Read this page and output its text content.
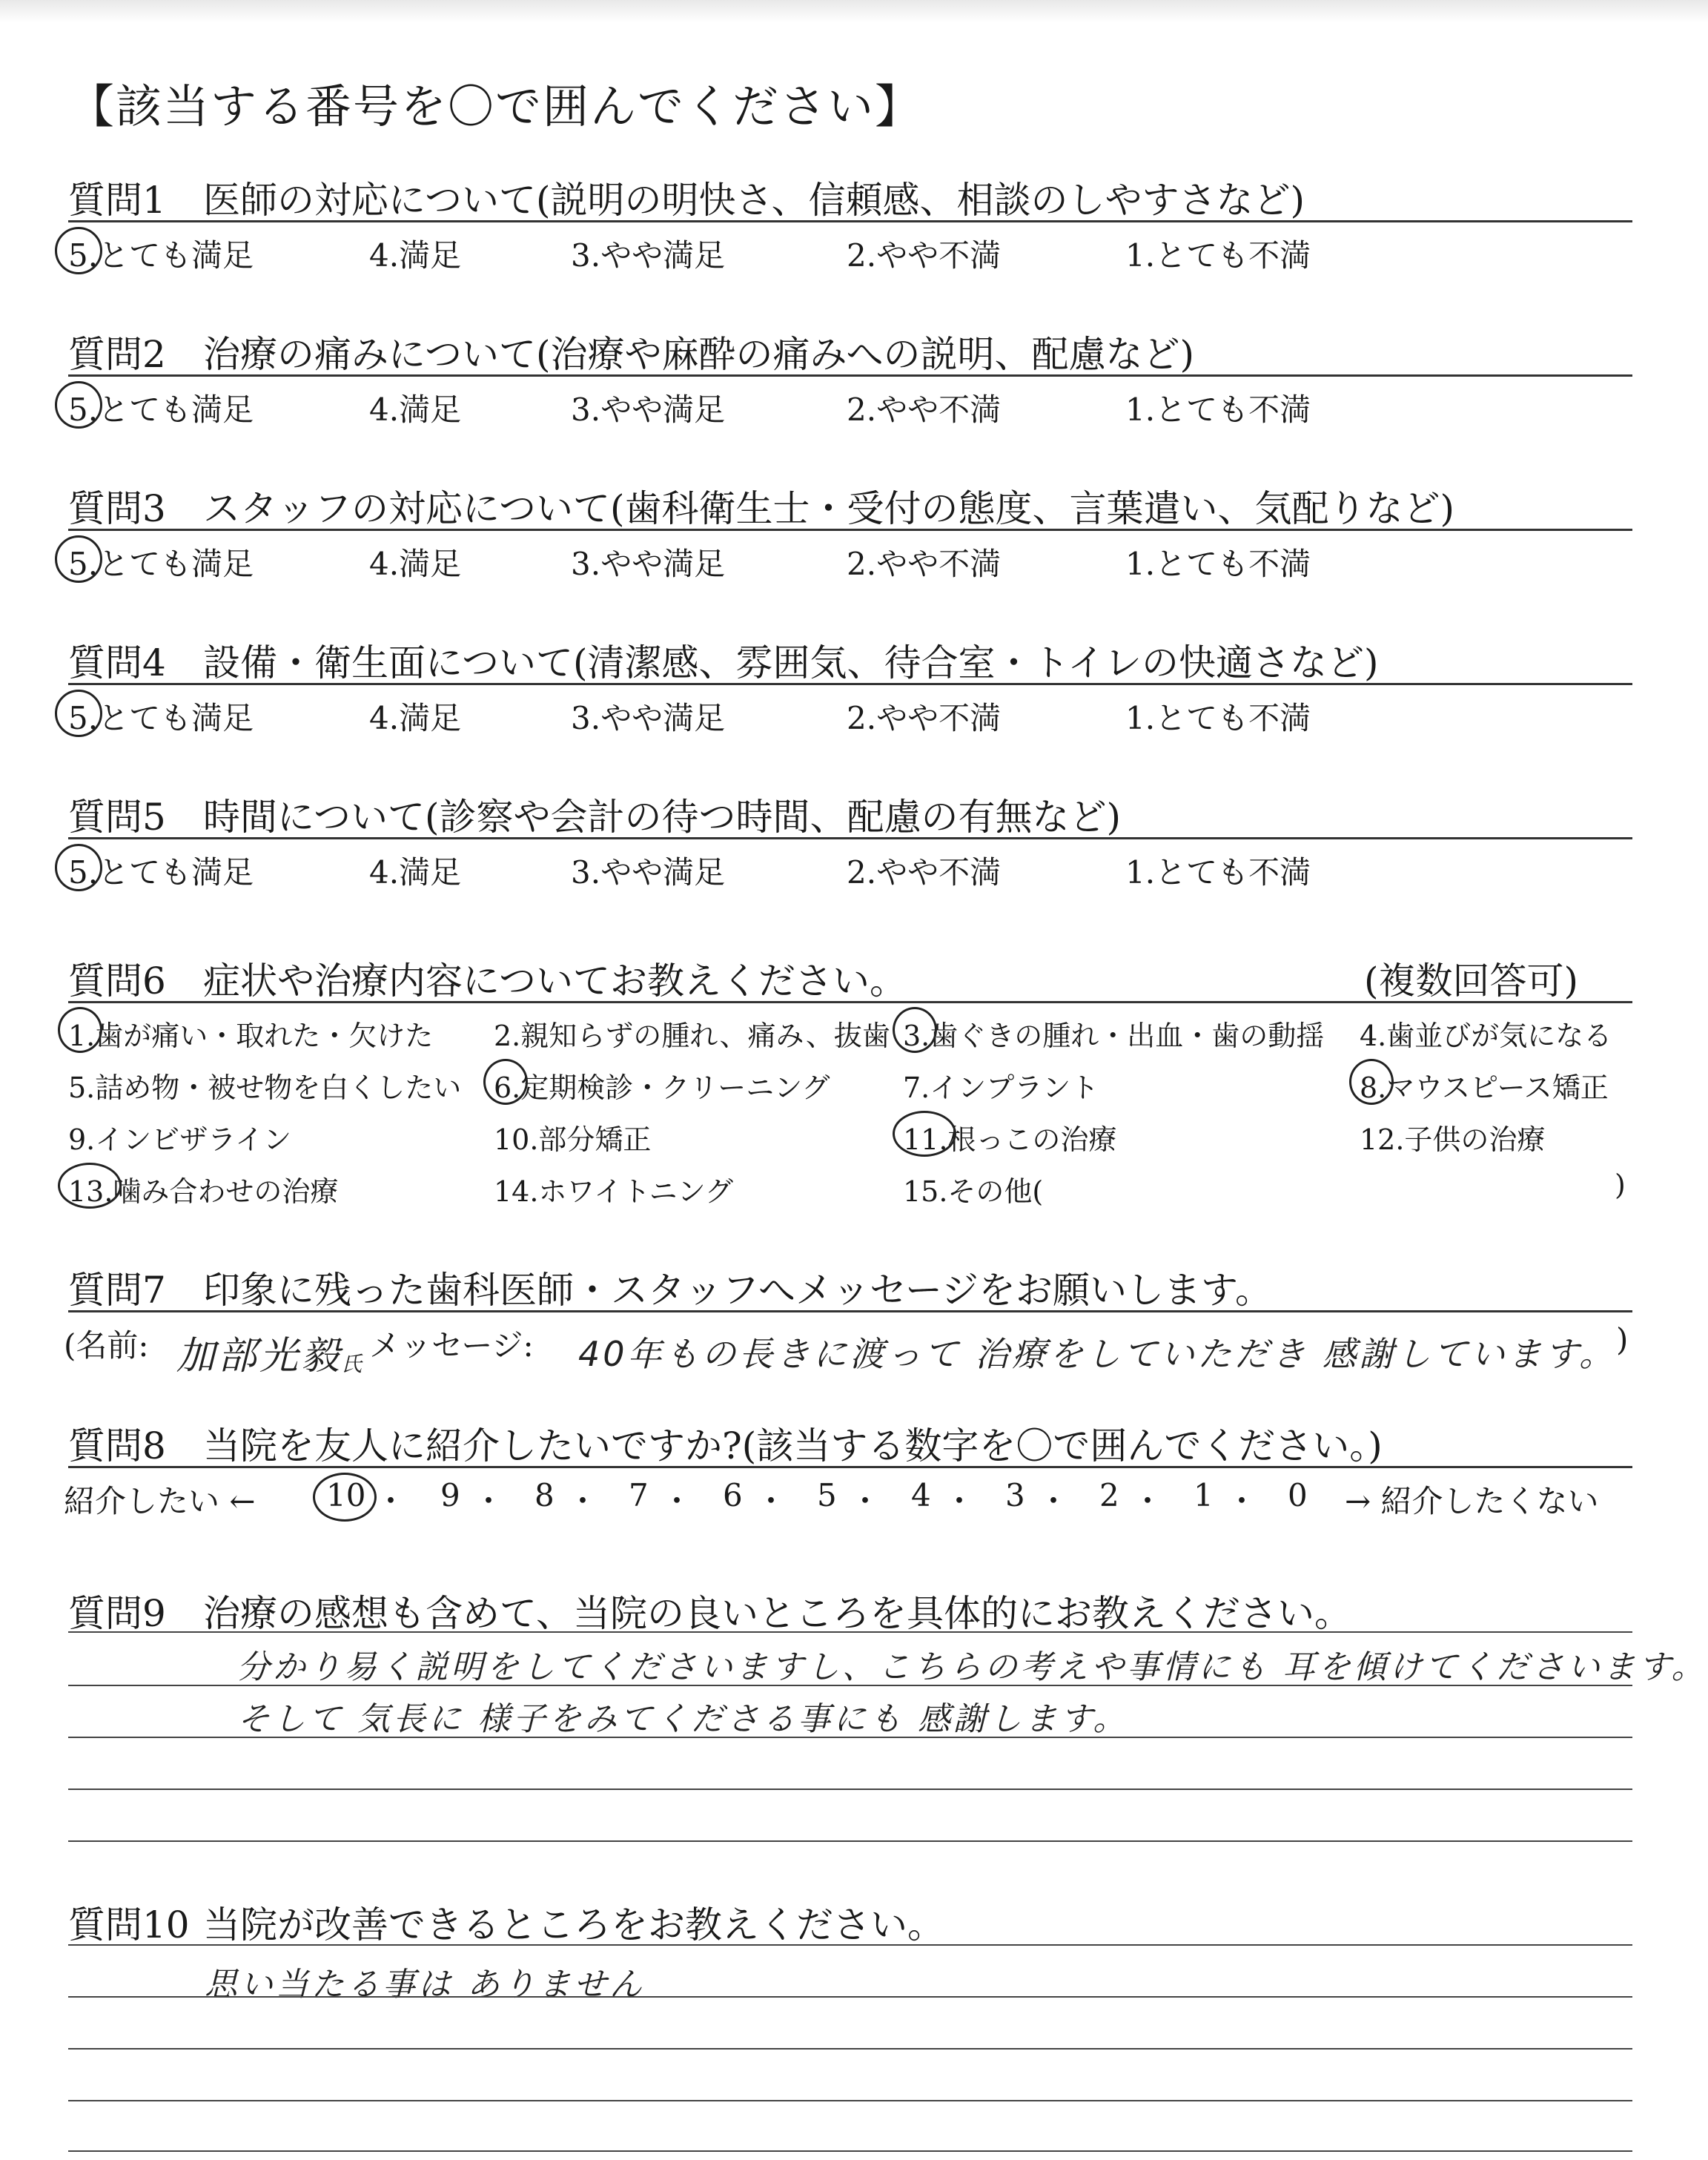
【該当する番号を〇で囲んでください】
質問6 症状や治療内容についてお教えください。	(複数回答可)
質問7 印象に残った歯科医師・スタッフへメッセージをお願いします。
(名前: 加部光毅
氏
メッセージ: 40年もの長きに渡って 治療をしていただき 感謝しています。 )
質問8 当院を友人に紹介したいですか?(該当する数字を〇で囲んでください。)
紹介したい ←	→ 紹介したくない
質問9 治療の感想も含めて、当院の良いところを具体的にお教えください。
分かり易く説明をしてくださいますし、こちらの考えや事情にも 耳を傾けてくださいます。
そして 気長に 様子をみてくださる事にも 感謝します。
質問10 当院が改善できるところをお教えください。
思い当たる事は ありません
質問1 医師の対応について(説明の明快さ、信頼感、相談のしやすさなど)
5.とても満足	4.満足	3.やや満足	2.やや不満	1.とても不満
質問2 治療の痛みについて(治療や麻酔の痛みへの説明、配慮など)
5.とても満足	4.満足	3.やや満足	2.やや不満	1.とても不満
質問3 スタッフの対応について(歯科衛生士・受付の態度、言葉遣い、気配りなど)
5.とても満足	4.満足	3.やや満足	2.やや不満	1.とても不満
質問4 設備・衛生面について(清潔感、雰囲気、待合室・トイレの快適さなど)
5.とても満足	4.満足	3.やや満足	2.やや不満	1.とても不満
質問5 時間について(診察や会計の待つ時間、配慮の有無など)
5.とても満足	4.満足	3.やや満足	2.やや不満	1.とても不満
1.歯が痛い・取れた・欠けた 2.親知らずの腫れ、痛み、抜歯 3.歯ぐきの腫れ・出血・歯の動揺 4.歯並びが気になる
5.詰め物・被せ物を白くしたい 6.定期検診・クリーニング	7.インプラント	8.マウスピース矯正
9.インビザライン	10.部分矯正	11.根っこの治療	12.子供の治療
13.噛み合わせの治療	14.ホワイトニング	15.その他(	)
10 ・ 9 ・ 8 ・ 7 ・ 6 ・ 5 ・ 4 ・ 3 ・ 2 ・ 1 ・ 0
